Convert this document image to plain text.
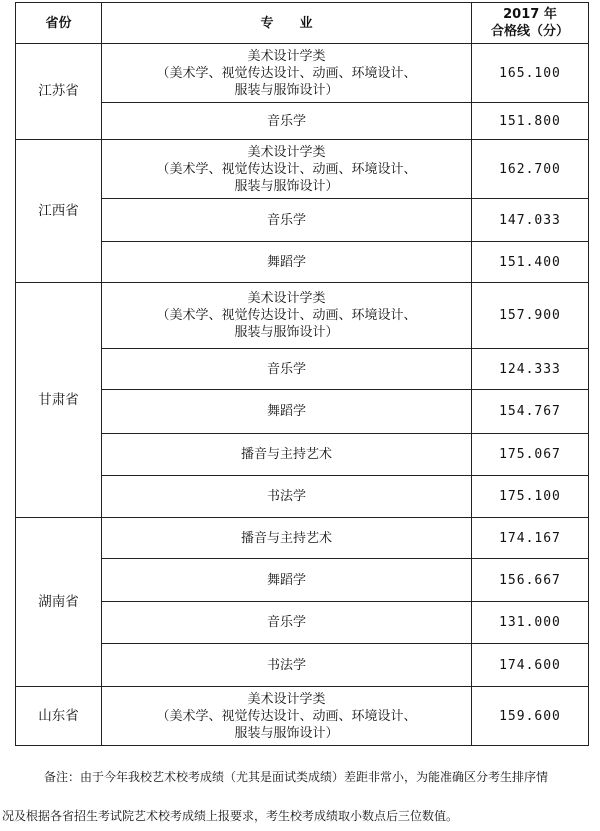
省份	专　　业	2017 年
合格线（分）

江苏省	美术设计学类
（美术学、视觉传达设计、动画、环境设计、
服装与服饰设计）	165.100
	音乐学	151.800
江西省	美术设计学类
（美术学、视觉传达设计、动画、环境设计、
服装与服饰设计）	162.700
	音乐学	147.033
	舞蹈学	151.400
甘肃省	美术设计学类
（美术学、视觉传达设计、动画、环境设计、
服装与服饰设计）	157.900
	音乐学	124.333
	舞蹈学	154.767
	播音与主持艺术	175.067
	书法学	175.100
湖南省	播音与主持艺术	174.167
	舞蹈学	156.667
	音乐学	131.000
	书法学	174.600
山东省	美术设计学类
（美术学、视觉传达设计、动画、环境设计、
服装与服饰设计）	159.600
备注：由于今年我校艺术校考成绩（尤其是面试类成绩）差距非常小，为能准确区分考生排序情
况及根据各省招生考试院艺术校考成绩上报要求，考生校考成绩取小数点后三位数值。
